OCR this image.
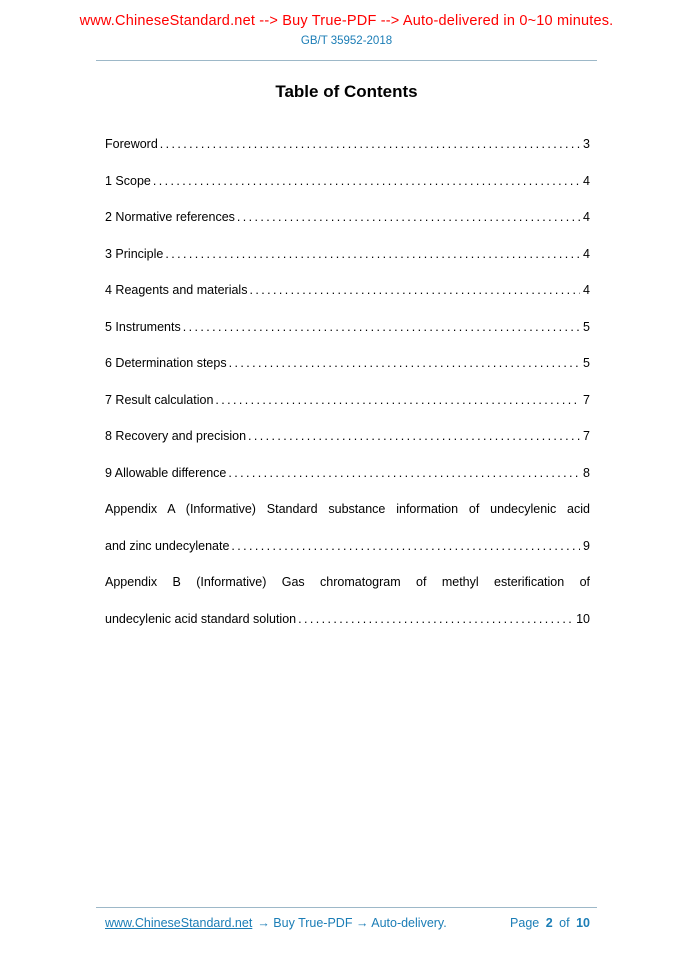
www.ChineseStandard.net --> Buy True-PDF --> Auto-delivered in 0~10 minutes.
GB/T 35952-2018
Table of Contents
Foreword .....	3
1 Scope .....	4
2 Normative references .....	4
3 Principle .....	4
4 Reagents and materials .....	4
5 Instruments .....	5
6 Determination steps .....	5
7 Result calculation .....	7
8 Recovery and precision .....	7
9 Allowable difference .....	8
Appendix A (Informative) Standard substance information of undecylenic acid
and zinc undecylenate .....	9
Appendix B (Informative) Gas chromatogram of methyl esterification of
undecylenic acid standard solution .....	10
www.ChineseStandard.net → Buy True-PDF → Auto-delivery.	Page 2 of 10
